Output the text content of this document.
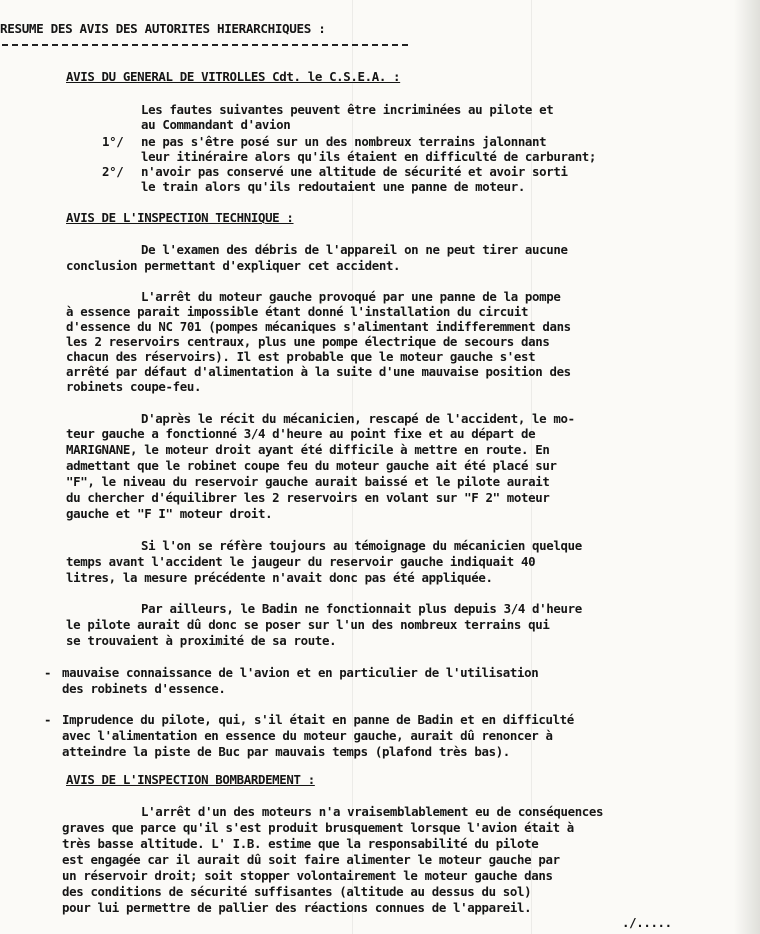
RESUME DES AVIS DES AUTORITES HIERARCHIQUES :
AVIS DU GENERAL DE VITROLLES Cdt. le C.S.E.A. :
Les fautes suivantes peuvent être incriminées au pilote et
au Commandant d'avion
1°/ ne pas s'être posé sur un des nombreux terrains jalonnant
leur itinéraire alors qu'ils étaient en difficulté de carburant;
2°/ n'avoir pas conservé une altitude de sécurité et avoir sorti
le train alors qu'ils redoutaient une panne de moteur.
AVIS DE L'INSPECTION TECHNIQUE :
De l'examen des débris de l'appareil on ne peut tirer aucune
conclusion permettant d'expliquer cet accident.
L'arrêt du moteur gauche provoqué par une panne de la pompe
à essence parait impossible étant donné l'installation du circuit
d'essence du NC 701 (pompes mécaniques s'alimentant indifferemment dans
les 2 reservoirs centraux, plus une pompe électrique de secours dans
chacun des réservoirs). Il est probable que le moteur gauche s'est
arrêté par défaut d'alimentation à la suite d'une mauvaise position des
robinets coupe-feu.
D'après le récit du mécanicien, rescapé de l'accident, le mo-
teur gauche a fonctionné 3/4 d'heure au point fixe et au départ de
MARIGNANE, le moteur droit ayant été difficile à mettre en route. En
admettant que le robinet coupe feu du moteur gauche ait été placé sur
"F", le niveau du reservoir gauche aurait baissé et le pilote aurait
du chercher d'équilibrer les 2 reservoirs en volant sur "F 2" moteur
gauche et "F I" moteur droit.
Si l'on se réfère toujours au témoignage du mécanicien quelque
temps avant l'accident le jaugeur du reservoir gauche indiquait 40
litres, la mesure précédente n'avait donc pas été appliquée.
Par ailleurs, le Badin ne fonctionnait plus depuis 3/4 d'heure
le pilote aurait dû donc se poser sur l'un des nombreux terrains qui
se trouvaient à proximité de sa route.
- mauvaise connaissance de l'avion et en particulier de l'utilisation
des robinets d'essence.
- Imprudence du pilote, qui, s'il était en panne de Badin et en difficulté
avec l'alimentation en essence du moteur gauche, aurait dû renoncer à
atteindre la piste de Buc par mauvais temps (plafond très bas).
AVIS DE L'INSPECTION BOMBARDEMENT :
L'arrêt d'un des moteurs n'a vraisemblablement eu de conséquences
graves que parce qu'il s'est produit brusquement lorsque l'avion était à
très basse altitude. L' I.B. estime que la responsabilité du pilote
est engagée car il aurait dû soit faire alimenter le moteur gauche par
un réservoir droit; soit stopper volontairement le moteur gauche dans
des conditions de sécurité suffisantes (altitude au dessus du sol)
pour lui permettre de pallier des réactions connues de l'appareil.
./.....
